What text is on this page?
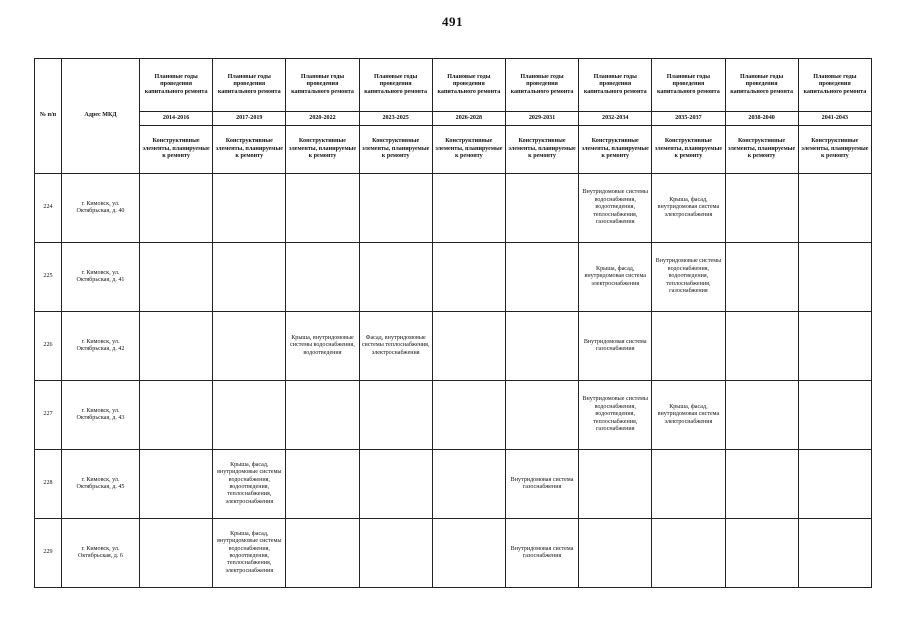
491
№ п/п	Адрес МКД	Плановые годы проведения капитального ремонта	Плановые годы проведения капитального ремонта	Плановые годы проведения капитального ремонта	Плановые годы проведения капитального ремонта	Плановые годы проведения капитального ремонта	Плановые годы проведения капитального ремонта	Плановые годы проведения капитального ремонта	Плановые годы проведения капитального ремонта	Плановые годы проведения капитального ремонта	Плановые годы проведения капитального ремонта
		2014-2016	2017-2019	2020-2022	2023-2025	2026-2028	2029-2031	2032-2034	2035-2037	2038-2040	2041-2043
		Конструктивные элементы, планируемые к ремонту	Конструктивные элементы, планируемые к ремонту	Конструктивные элементы, планируемые к ремонту	Конструктивные элементы, планируемые к ремонту	Конструктивные элементы, планируемые к ремонту	Конструктивные элементы, планируемые к ремонту	Конструктивные элементы, планируемые к ремонту	Конструктивные элементы, планируемые к ремонту	Конструктивные элементы, планируемые к ремонту	Конструктивные элементы, планируемые к ремонту
224	г. Кимовск, ул. Октябрьская, д. 40							Внутридомовые системы водоснабжения, водоотведения, теплоснабжения, газоснабжения	Крыша, фасад, внутридомовая система электроснабжения		
225	г. Кимовск, ул. Октябрьская, д. 41							Крыша, фасад, внутридомовая система электроснабжения	Внутридомовые системы водоснабжения, водоотведения, теплоснабжения, газоснабжения		
226	г. Кимовск, ул. Октябрьская, д. 42			Крыша, внутридомовые системы водоснабжения, водоотведения	Фасад, внутридомовые системы теплоснабжения, электроснабжения			Внутридомовая система газоснабжения			
227	г. Кимовск, ул. Октябрьская, д. 43							Внутридомовые системы водоснабжения, водоотведения, теплоснабжения, газоснабжения	Крыша, фасад, внутридомовая система электроснабжения		
228	г. Кимовск, ул. Октябрьская, д. 45		Крыша, фасад, внутридомовые системы водоснабжения, водоотведения, теплоснабжения, электроснабжения				Внутридомовая система газоснабжения				
229	г. Кимовск, ул. Октябрьская, д. 6		Крыша, фасад, внутридомовые системы водоснабжения, водоотведения, теплоснабжения, электроснабжения				Внутридомовая система газоснабжения				
